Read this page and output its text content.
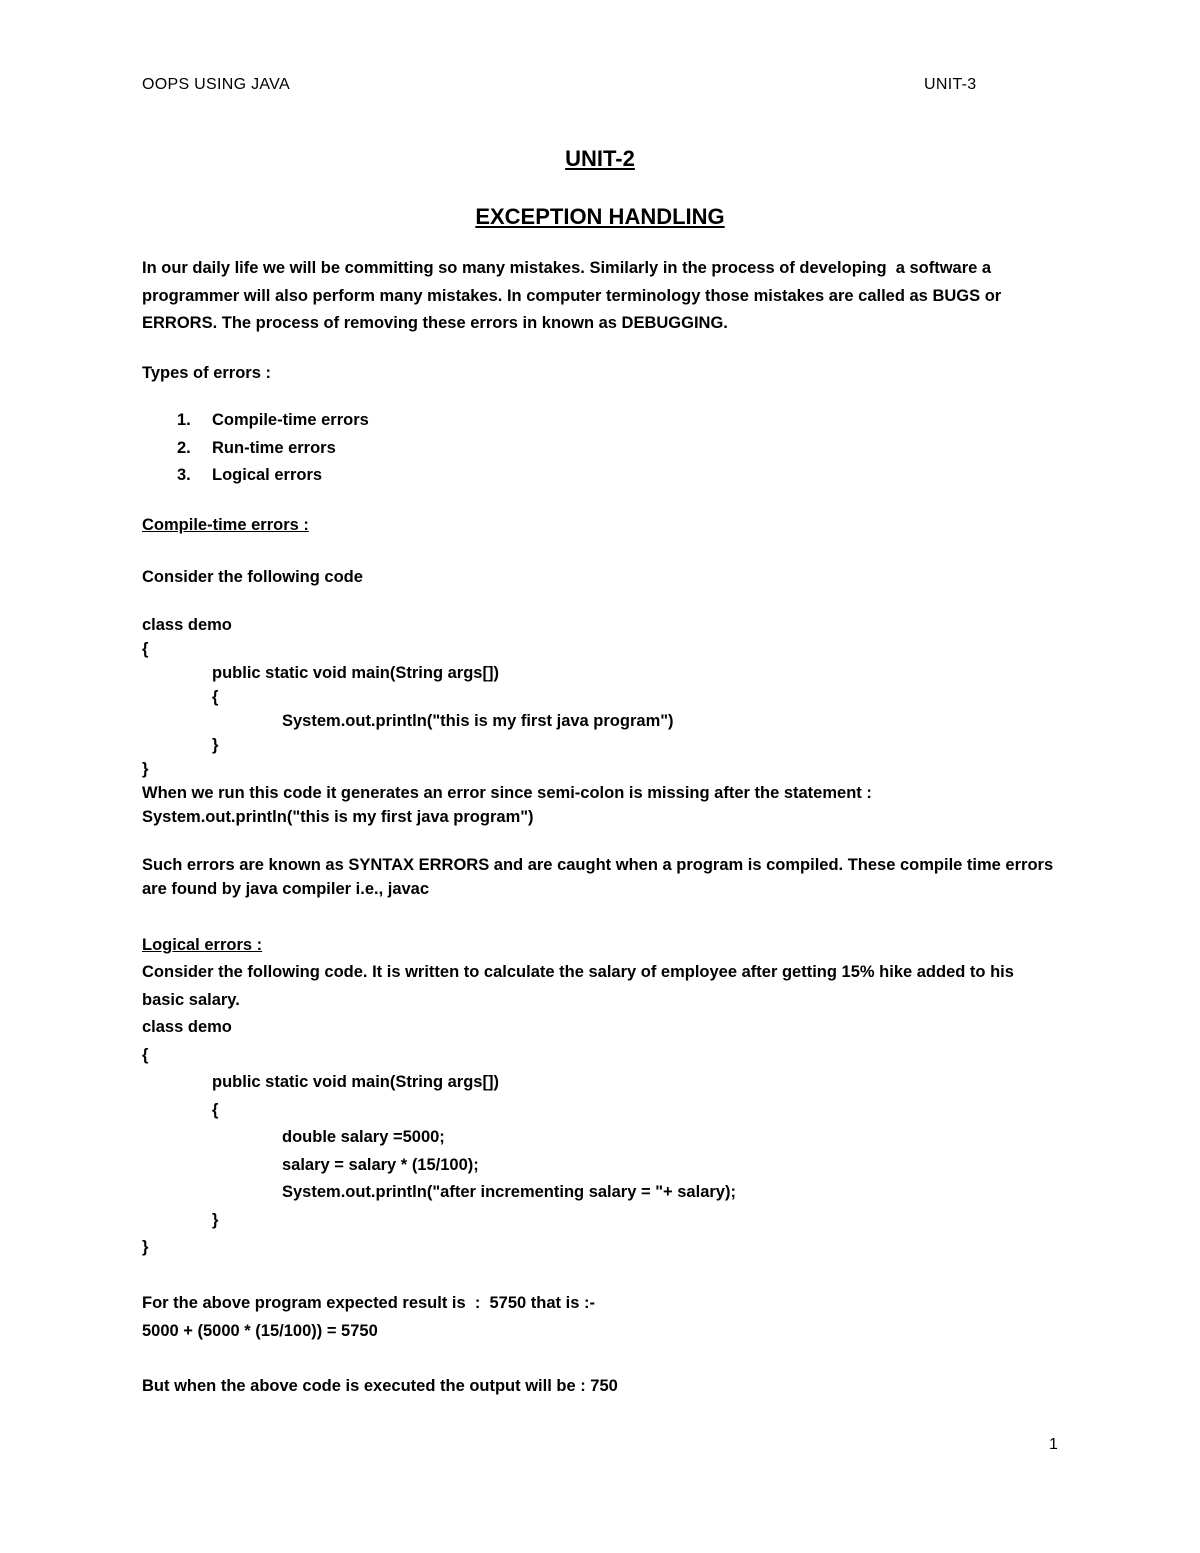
OOPS USING JAVA	UNIT-3
UNIT-2
EXCEPTION HANDLING
In our daily life we will be committing so many mistakes. Similarly in the process of developing  a software a
programmer will also perform many mistakes. In computer terminology those mistakes are called as BUGS or
ERRORS. The process of removing these errors in known as DEBUGGING.
Types of errors :
1. Compile-time errors
2. Run-time errors
3. Logical errors
Compile-time errors :
Consider the following code
class demo
{
public static void main(String args[])
{
System.out.println("this is my first java program")
}
}
When we run this code it generates an error since semi-colon is missing after the statement :
System.out.println("this is my first java program")
Such errors are known as SYNTAX ERRORS and are caught when a program is compiled. These compile time errors
are found by java compiler i.e., javac
Logical errors :
Consider the following code. It is written to calculate the salary of employee after getting 15% hike added to his
basic salary.
class demo
{
public static void main(String args[])
{
double salary =5000;
salary = salary * (15/100);
System.out.println("after incrementing salary = "+ salary);
}
}
For the above program expected result is  :  5750 that is :-
5000 + (5000 * (15/100)) = 5750
But when the above code is executed the output will be : 750
1
